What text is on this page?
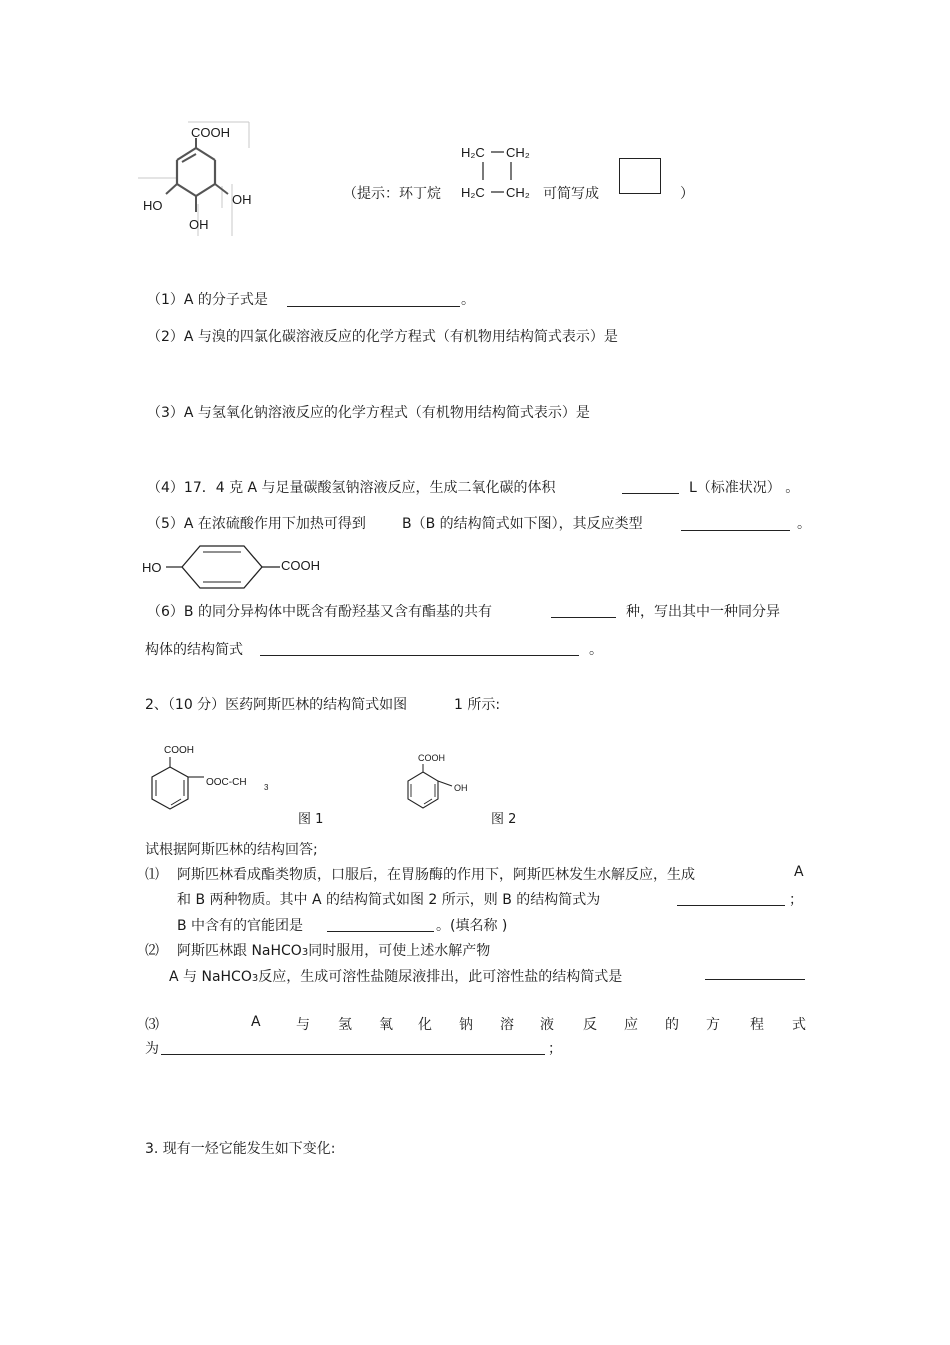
COOH
HO	OH
OH
（提示：环丁烷
H₂C CH₂
H₂C CH₂ 可简写成	）
（1）A 的分子式是	。
（2）A 与溴的四氯化碳溶液反应的化学方程式（有机物用结构简式表示）是
（3）A 与氢氧化钠溶液反应的化学方程式（有机物用结构简式表示）是
（4）17．4 克 A 与足量碳酸氢钠溶液反应，生成二氧化碳的体积	L（标准状况） 。
（5）A 在浓硫酸作用下加热可得到	B（B 的结构简式如下图），其反应类型	。
HO	COOH
（6）B 的同分异构体中既含有酚羟基又含有酯基的共有	种，写出其中一种同分异
构体的结构简式	。
2、（10 分）医药阿斯匹林的结构简式如图	1 所示:
COOH
OOC-CH 3
图 1
COOH
OH
图 2
试根据阿斯匹林的结构回答;
⑴ 阿斯匹林看成酯类物质，口服后，在胃肠酶的作用下，阿斯匹林发生水解反应，生成	A
和 B 两种物质。其中 A 的结构简式如图 2 所示，则 B 的结构简式为	；
B 中含有的官能团是	。(填名称 )
⑵ 阿斯匹林跟 NaHCO3同时服用，可使上述水解产物
A 与 NaHCO3反应，生成可溶性盐随尿液排出，此可溶性盐的结构简式是
⑶	A	与 氢 氧 化 钠 溶 液 反 应 的 方 程 式
为	；
3. 现有一烃它能发生如下变化:
